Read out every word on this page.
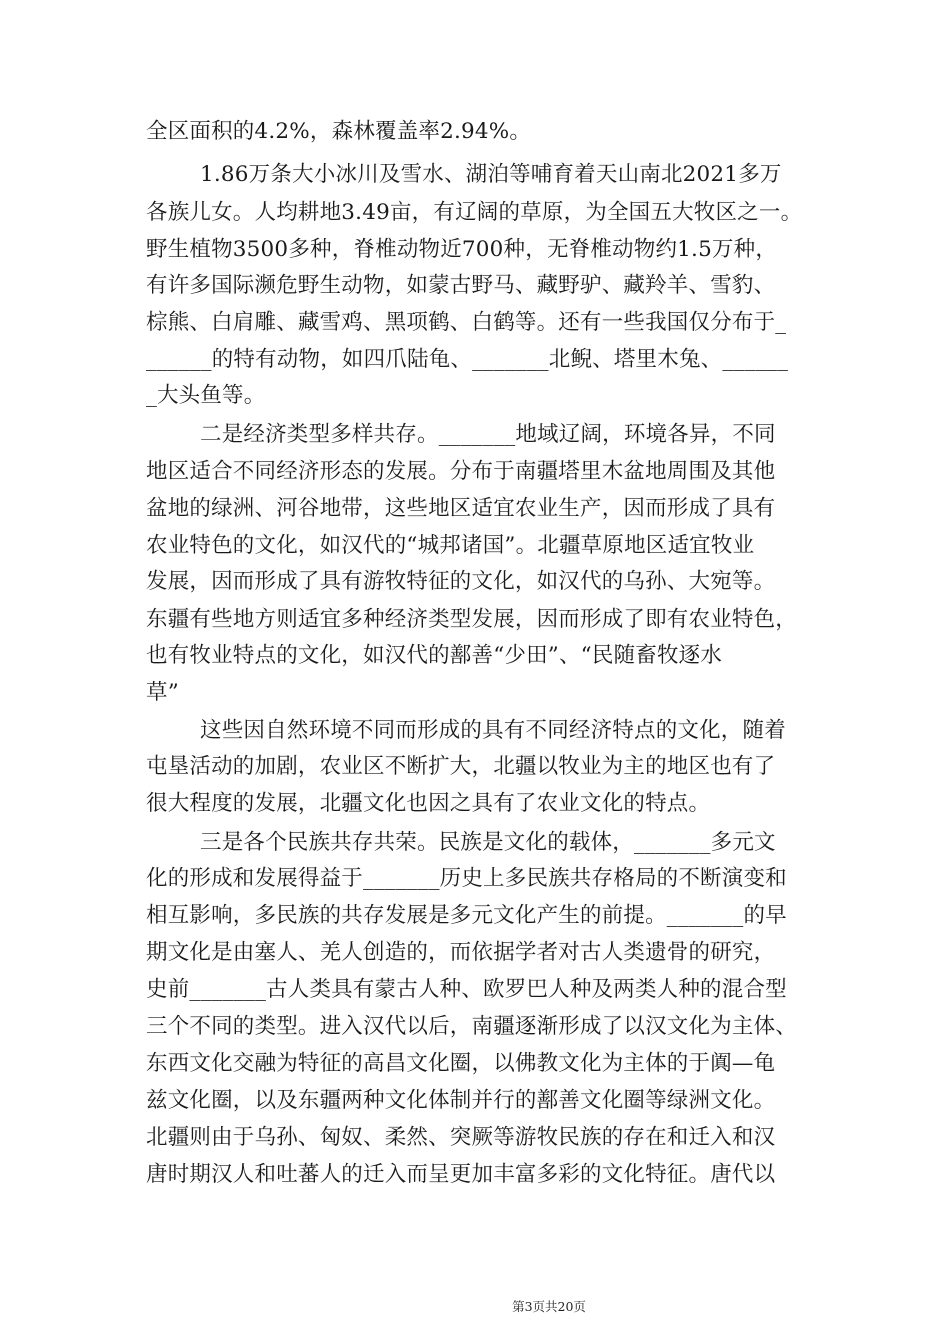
全区面积的4.2%，森林覆盖率2.94%。
1.86万条大小冰川及雪水、湖泊等哺育着天山南北2021多万
各族儿女。人均耕地3.49亩，有辽阔的草原，为全国五大牧区之一。
野生植物3500多种，脊椎动物近700种，无脊椎动物约1.5万种，
有许多国际濒危野生动物，如蒙古野马、藏野驴、藏羚羊、雪豹、
棕熊、白肩雕、藏雪鸡、黑项鹤、白鹤等。还有一些我国仅分布于_
______的特有动物，如四爪陆龟、_______北鲵、塔里木兔、______
_大头鱼等。
二是经济类型多样共存。_______地域辽阔，环境各异，不同
地区适合不同经济形态的发展。分布于南疆塔里木盆地周围及其他
盆地的绿洲、河谷地带，这些地区适宜农业生产，因而形成了具有
农业特色的文化，如汉代的“城邦诸国”。北疆草原地区适宜牧业
发展，因而形成了具有游牧特征的文化，如汉代的乌孙、大宛等。
东疆有些地方则适宜多种经济类型发展，因而形成了即有农业特色，
也有牧业特点的文化，如汉代的鄯善“少田”、“民随畜牧逐水
草”
这些因自然环境不同而形成的具有不同经济特点的文化，随着
屯垦活动的加剧，农业区不断扩大，北疆以牧业为主的地区也有了
很大程度的发展，北疆文化也因之具有了农业文化的特点。
三是各个民族共存共荣。民族是文化的载体，_______多元文
化的形成和发展得益于_______历史上多民族共存格局的不断演变和
相互影响，多民族的共存发展是多元文化产生的前提。_______的早
期文化是由塞人、羌人创造的，而依据学者对古人类遗骨的研究，
史前_______古人类具有蒙古人种、欧罗巴人种及两类人种的混合型
三个不同的类型。进入汉代以后，南疆逐渐形成了以汉文化为主体、
东西文化交融为特征的高昌文化圈，以佛教文化为主体的于阗—龟
兹文化圈，以及东疆两种文化体制并行的鄯善文化圈等绿洲文化。
北疆则由于乌孙、匈奴、柔然、突厥等游牧民族的存在和迁入和汉
唐时期汉人和吐蕃人的迁入而呈更加丰富多彩的文化特征。唐代以
第3页共20页
